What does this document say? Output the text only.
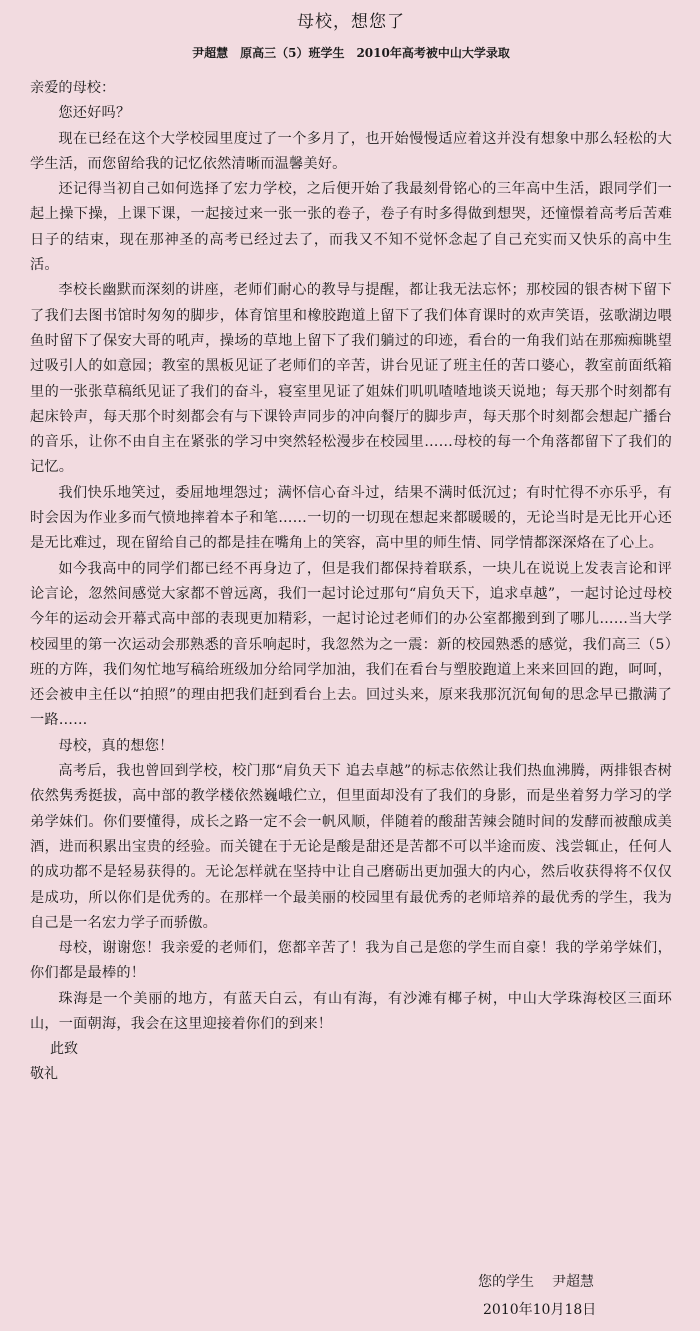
母校，想您了
尹超慧　原高三（5）班学生　2010年高考被中山大学录取

亲爱的母校：

您还好吗？

现在已经在这个大学校园里度过了一个多月了，也开始慢慢适应着这并没有想象中那么轻松的大学生活，而您留给我的记忆依然清晰而温馨美好。

还记得当初自己如何选择了宏力学校，之后便开始了我最刻骨铭心的三年高中生活，跟同学们一起上操下操，上课下课，一起接过来一张一张的卷子，卷子有时多得做到想哭，还憧憬着高考后苦难日子的结束，现在那神圣的高考已经过去了，而我又不知不觉怀念起了自己充实而又快乐的高中生活。

李校长幽默而深刻的讲座，老师们耐心的教导与提醒，都让我无法忘怀；那校园的银杏树下留下了我们去图书馆时匆匆的脚步，体育馆里和橡胶跑道上留下了我们体育课时的欢声笑语，弦歌湖边喂鱼时留下了保安大哥的吼声，操场的草地上留下了我们躺过的印迹，看台的一角我们站在那痴痴眺望过吸引人的如意园；教室的黑板见证了老师们的辛苦，讲台见证了班主任的苦口婆心，教室前面纸箱里的一张张草稿纸见证了我们的奋斗，寝室里见证了姐妹们叽叽喳喳地谈天说地；每天那个时刻都有起床铃声，每天那个时刻都会有与下课铃声同步的冲向餐厅的脚步声，每天那个时刻都会想起广播台的音乐，让你不由自主在紧张的学习中突然轻松漫步在校园里……母校的每一个角落都留下了我们的记忆。

我们快乐地笑过，委屈地埋怨过；满怀信心奋斗过，结果不满时低沉过；有时忙得不亦乐乎，有时会因为作业多而气愤地摔着本子和笔……一切的一切现在想起来都暖暖的，无论当时是无比开心还是无比难过，现在留给自己的都是挂在嘴角上的笑容，高中里的师生情、同学情都深深烙在了心上。

如今我高中的同学们都已经不再身边了，但是我们都保持着联系，一块儿在说说上发表言论和评论言论，忽然间感觉大家都不曾远离，我们一起讨论过那句“肩负天下，追求卓越”，一起讨论过母校今年的运动会开幕式高中部的表现更加精彩，一起讨论过老师们的办公室都搬到到了哪儿……当大学校园里的第一次运动会那熟悉的音乐响起时，我忽然为之一震：新的校园熟悉的感觉，我们高三（5）班的方阵，我们匆忙地写稿给班级加分给同学加油，我们在看台与塑胶跑道上来来回回的跑，呵呵，还会被申主任以“拍照”的理由把我们赶到看台上去。回过头来，原来我那沉沉甸甸的思念早已撒满了一路……

母校，真的想您！

高考后，我也曾回到学校，校门那“肩负天下 追去卓越”的标志依然让我们热血沸腾，两排银杏树依然隽秀挺拔，高中部的教学楼依然巍峨伫立，但里面却没有了我们的身影，而是坐着努力学习的学弟学妹们。你们要懂得，成长之路一定不会一帆风顺，伴随着的酸甜苦辣会随时间的发酵而被酿成美酒，进而积累出宝贵的经验。而关键在于无论是酸是甜还是苦都不可以半途而废、浅尝辄止，任何人的成功都不是轻易获得的。无论怎样就在坚持中让自己磨砺出更加强大的内心，然后收获得将不仅仅是成功，所以你们是优秀的。在那样一个最美丽的校园里有最优秀的老师培养的最优秀的学生，我为自己是一名宏力学子而骄傲。

母校，谢谢您！我亲爱的老师们，您都辛苦了！我为自己是您的学生而自豪！我的学弟学妹们，你们都是最棒的！

珠海是一个美丽的地方，有蓝天白云，有山有海，有沙滩有椰子树，中山大学珠海校区三面环山，一面朝海，我会在这里迎接着你们的到来！

此致

敬礼

您的学生 尹超慧
2010年10月18日
